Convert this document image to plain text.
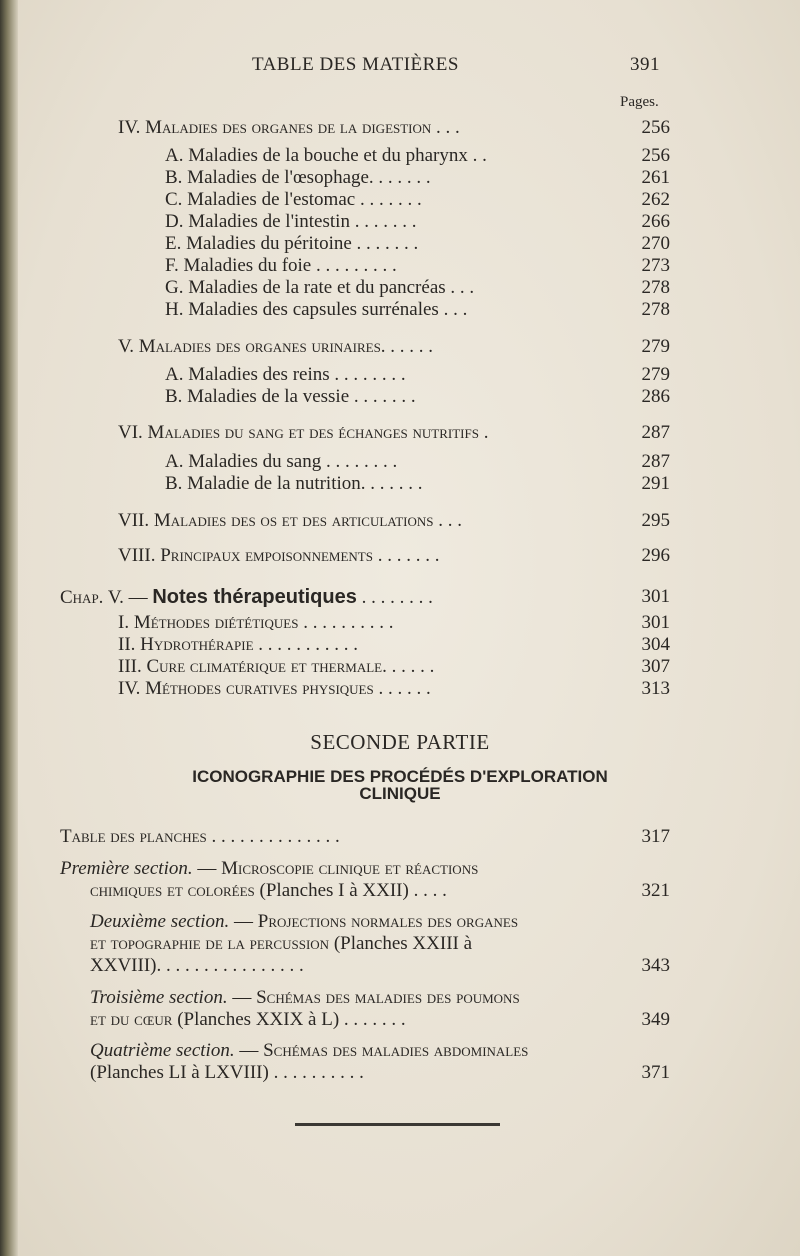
TABLE DES MATIÈRES	391
Pages.
IV. Maladies des organes de la digestion . . .	256
A. Maladies de la bouche et du pharynx . .	256
B. Maladies de l'œsophage. . . . . . .	261
C. Maladies de l'estomac . . . . . . .	262
D. Maladies de l'intestin . . . . . . .	266
E. Maladies du péritoine . . . . . . .	270
F. Maladies du foie . . . . . . . . .	273
G. Maladies de la rate et du pancréas . . .	278
H. Maladies des capsules surrénales . . .	278
V. Maladies des organes urinaires. . . . . .	279
A. Maladies des reins . . . . . . . .	279
B. Maladies de la vessie . . . . . . .	286
VI. Maladies du sang et des échanges nutritifs .	287
A. Maladies du sang . . . . . . . .	287
B. Maladie de la nutrition. . . . . . .	291
VII. Maladies des os et des articulations . . .	295
VIII. Principaux empoisonnements . . . . . . .	296
Chap. V. — Notes thérapeutiques . . . . . . . .	301
I. Méthodes diététiques . . . . . . . . . .	301
II. Hydrothérapie . . . . . . . . . . .	304
III. Cure climatérique et thermale. . . . . .	307
IV. Méthodes curatives physiques . . . . . .	313
SECONDE PARTIE
ICONOGRAPHIE DES PROCÉDÉS D'EXPLORATION
CLINIQUE
Table des planches . . . . . . . . . . . . . .	317
Première section. — Microscopie clinique et réactions
chimiques et colorées (Planches I à XXII) . . . .	321
Deuxième section. — Projections normales des organes
et topographie de la percussion (Planches XXIII à
XXVIII). . . . . . . . . . . . . . . .	343
Troisième section. — Schémas des maladies des poumons
et du cœur (Planches XXIX à L) . . . . . . .	349
Quatrième section. — Schémas des maladies abdominales
(Planches LI à LXVIII) . . . . . . . . . .	371
